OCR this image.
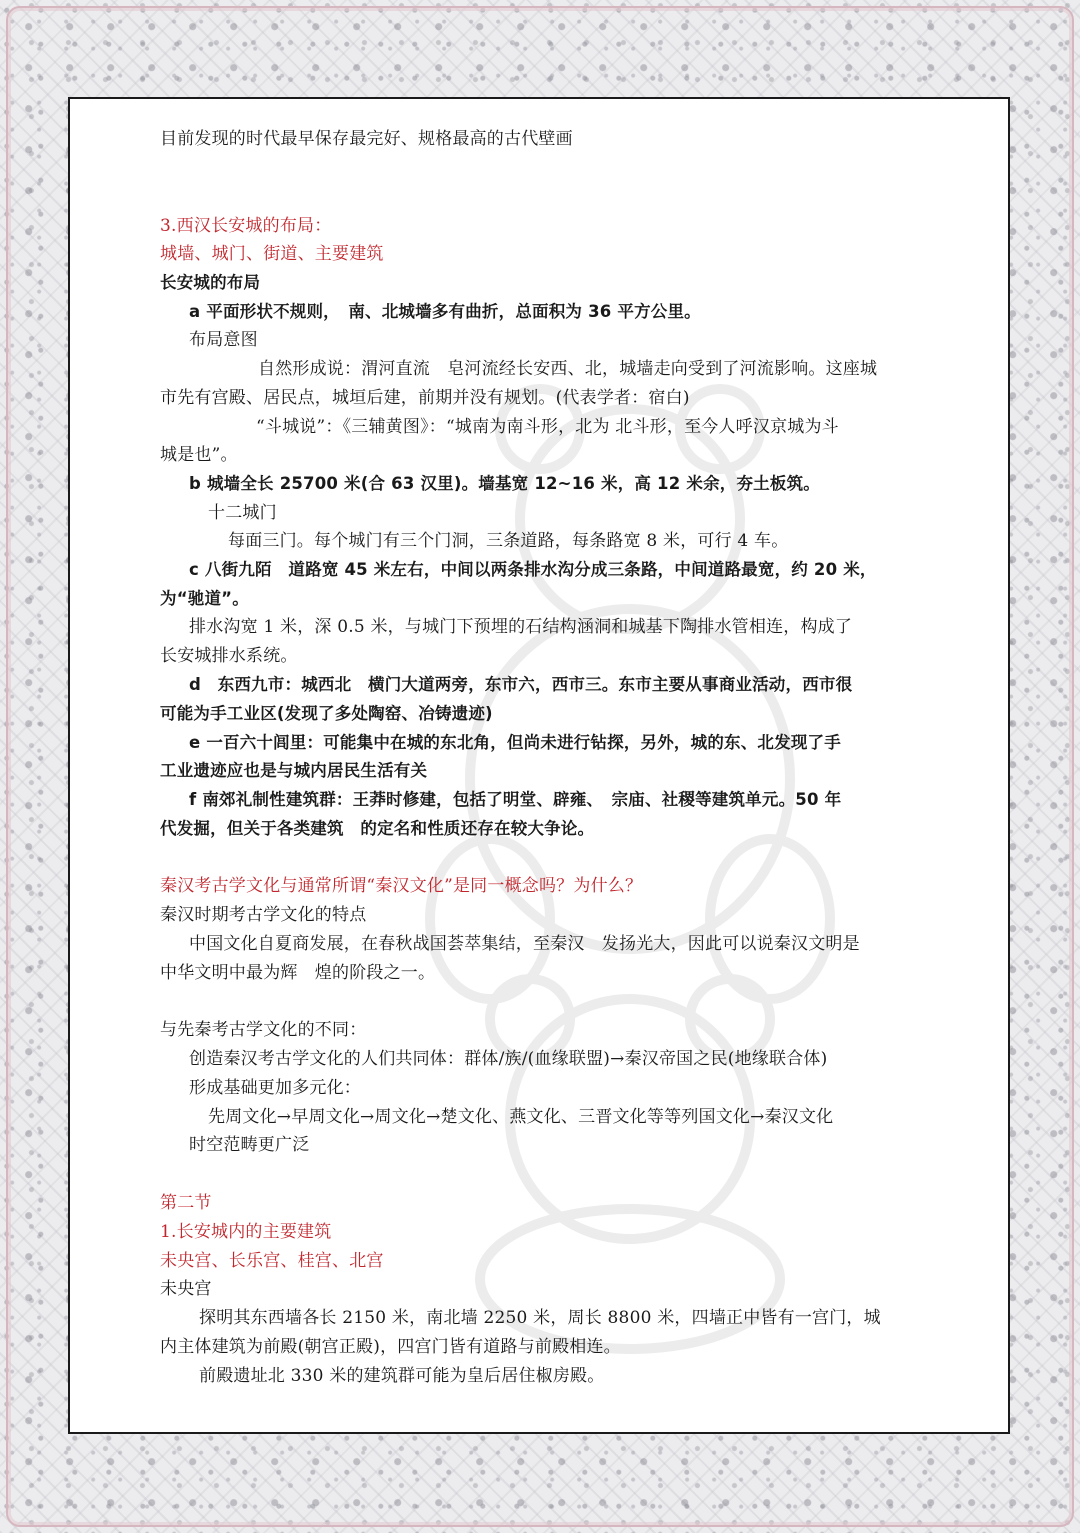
目前发现的时代最早保存最完好、规格最高的古代壁画
3.西汉长安城的布局：
城墙、城门、街道、主要建筑
长安城的布局
a 平面形状不规则，　南、北城墙多有曲折，总面积为 36 平方公里。
布局意图
自然形成说：渭河直流　皂河流经长安西、北，城墙走向受到了河流影响。这座城
市先有宫殿、居民点，城垣后建，前期并没有规划。(代表学者：宿白)
“斗城说”：《三辅黄图》：“城南为南斗形，北为 北斗形，至今人呼汉京城为斗
城是也”。
b 城墙全长 25700 米(合 63 汉里)。墙基宽 12~16 米，高 12 米余，夯土板筑。
十二城门
每面三门。每个城门有三个门洞，三条道路，每条路宽 8 米，可行 4 车。
c 八街九陌　道路宽 45 米左右，中间以两条排水沟分成三条路，中间道路最宽，约 20 米，
为“驰道”。
排水沟宽 1 米，深 0.5 米，与城门下预埋的石结构涵洞和城基下陶排水管相连，构成了
长安城排水系统。
d　东西九市：城西北　横门大道两旁，东市六，西市三。东市主要从事商业活动，西市很
可能为手工业区(发现了多处陶窑、冶铸遗迹)
e 一百六十闾里：可能集中在城的东北角，但尚未进行钻探，另外，城的东、北发现了手
工业遗迹应也是与城内居民生活有关
f 南郊礼制性建筑群：王莽时修建，包括了明堂、辟雍、　宗庙、社稷等建筑单元。50 年
代发掘，但关于各类建筑　的定名和性质还存在较大争论。
秦汉考古学文化与通常所谓“秦汉文化”是同一概念吗？为什么？
秦汉时期考古学文化的特点
中国文化自夏商发展，在春秋战国荟萃集结，至秦汉　发扬光大，因此可以说秦汉文明是
中华文明中最为辉　煌的阶段之一。
与先秦考古学文化的不同：
创造秦汉考古学文化的人们共同体：群体/族/(血缘联盟)→秦汉帝国之民(地缘联合体)
形成基础更加多元化：
先周文化→早周文化→周文化→楚文化、燕文化、三晋文化等等列国文化→秦汉文化
时空范畴更广泛
第二节
1.长安城内的主要建筑
未央宫、长乐宫、桂宫、北宫
未央宫
探明其东西墙各长 2150 米，南北墙 2250 米，周长 8800 米，四墙正中皆有一宫门，城
内主体建筑为前殿(朝宫正殿)，四宫门皆有道路与前殿相连。
前殿遗址北 330 米的建筑群可能为皇后居住椒房殿。
